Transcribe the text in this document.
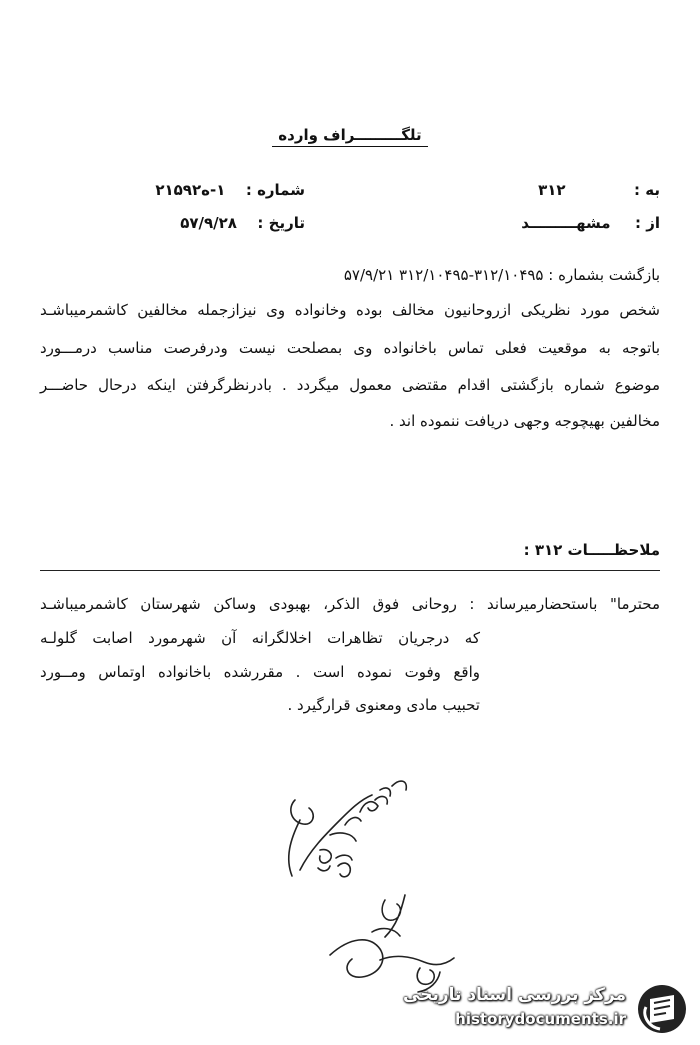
تلگـــــــــراف وارده
به :  ۳۱۲
از :  مشهـــــــــد
شماره :  ۱-ه۲۱۵۹۲
تاریخ :  ۵۷/۹/۲۸
بازگشت بشماره : ۳۱۲/۱۰۴۹۵-۳۱۲/۱۰۴۹۵ ۵۷/۹/۲۱
شخص مورد نظریکی ازروحانیون مخالف بوده وخانواده وی نیزازجمله مخالفین کاشمرمیباشـد
باتوجه به موقعیت فعلی تماس باخانواده وی بمصلحت نیست ودرفرصت مناسب درمـــورد
موضوع شماره بازگشتی اقدام مقتضی معمول میگردد . بادرنظرگرفتن اینکه درحال حاضـــر
مخالفین بهیچوجه وجهی دریافت ننموده اند .
ملاحظـــــات ۳۱۲ :
محترما" باستحضارمیرساند : روحانی فوق الذکر، بهبودی وساکن شهرستان کاشمرمیباشـد
که درجریان تظاهرات اخلالگرانه آن شهرمورد اصابت گلولـه
واقع وفوت نموده است . مقررشده باخانواده اوتماس ومــورد
تحبیب مادی ومعنوی قرارگیرد .
مرکز بررسی اسناد تاریخی
historydocuments.ir
